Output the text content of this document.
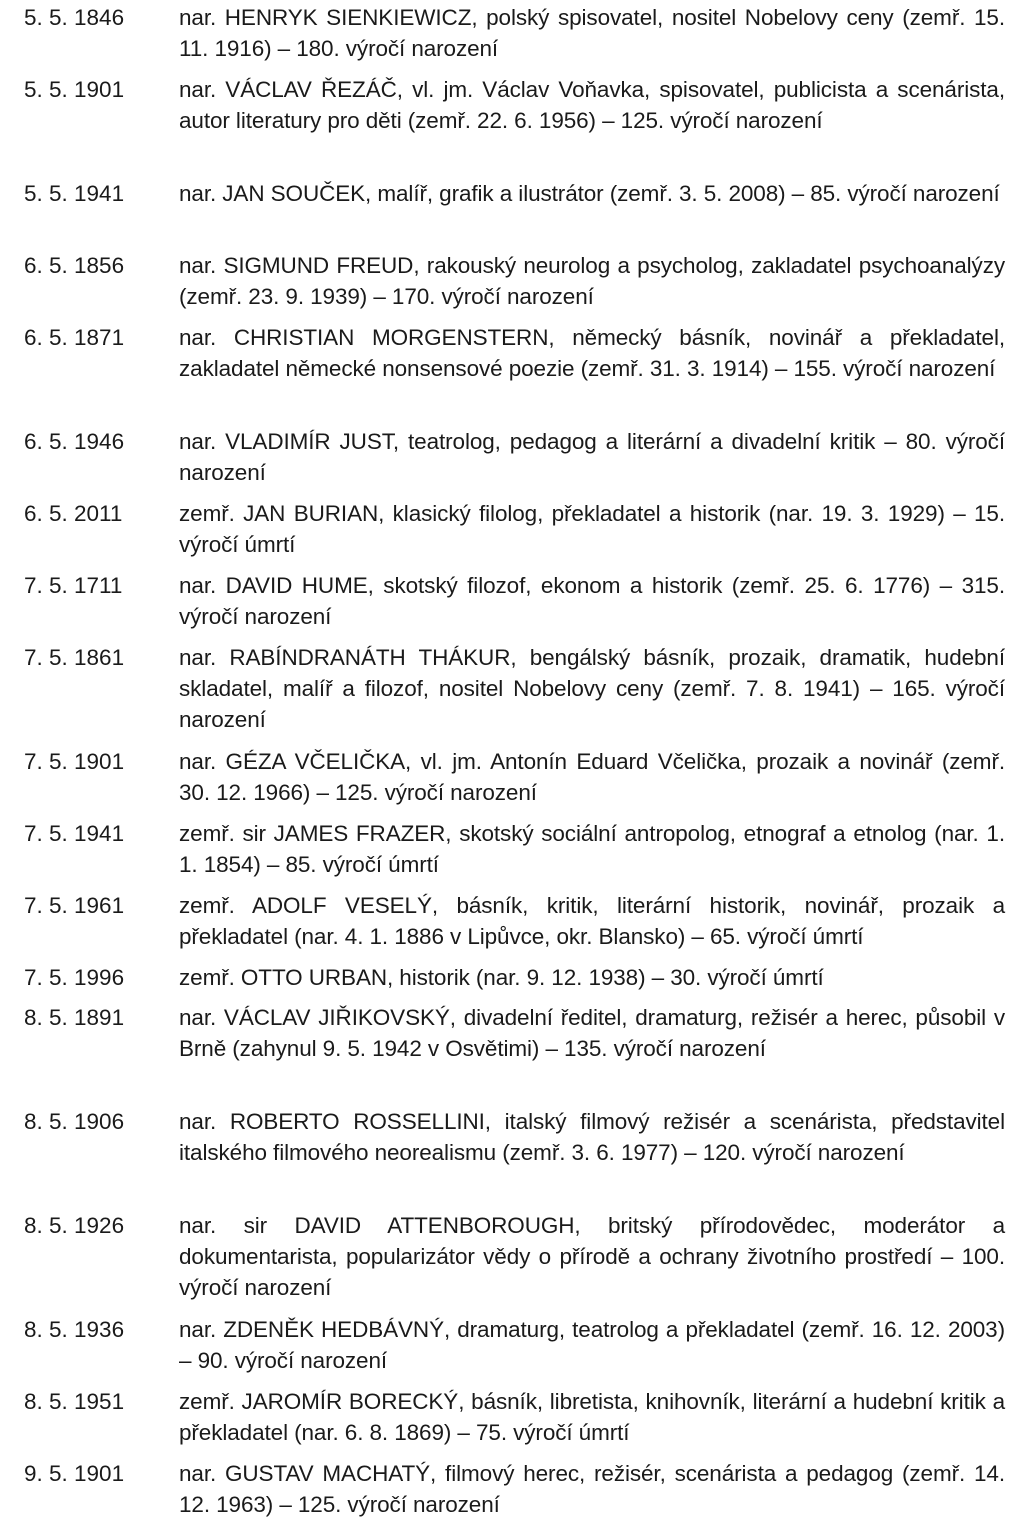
5. 5. 1846	nar. HENRYK SIENKIEWICZ, polský spisovatel, nositel Nobelovy ceny (zemř. 15. 11. 1916) – 180. výročí narození
5. 5. 1901	nar. VÁCLAV ŘEZÁČ, vl. jm. Václav Voňavka, spisovatel, publicista a scenárista, autor literatury pro děti (zemř. 22. 6. 1956) – 125. výročí narození
5. 5. 1941	nar. JAN SOUČEK, malíř, grafik a ilustrátor (zemř. 3. 5. 2008) – 85. výročí narození
6. 5. 1856	nar. SIGMUND FREUD, rakouský neurolog a psycholog, zakladatel psychoanalýzy (zemř. 23. 9. 1939) – 170. výročí narození
6. 5. 1871	nar. CHRISTIAN MORGENSTERN, německý básník, novinář a překladatel, zakladatel německé nonsensové poezie (zemř. 31. 3. 1914) – 155. výročí narození
6. 5. 1946	nar. VLADIMÍR JUST, teatrolog, pedagog a literární a divadelní kritik – 80. výročí narození
6. 5. 2011	zemř. JAN BURIAN, klasický filolog, překladatel a historik (nar. 19. 3. 1929) – 15. výročí úmrtí
7. 5. 1711	nar. DAVID HUME, skotský filozof, ekonom a historik (zemř. 25. 6. 1776) – 315. výročí narození
7. 5. 1861	nar. RABÍNDRANÁTH THÁKUR, bengálský básník, prozaik, dramatik, hudební skladatel, malíř a filozof, nositel Nobelovy ceny (zemř. 7. 8. 1941) – 165. výročí narození
7. 5. 1901	nar. GÉZA VČELIČKA, vl. jm. Antonín Eduard Včelička, prozaik a novinář (zemř. 30. 12. 1966) – 125. výročí narození
7. 5. 1941	zemř. sir JAMES FRAZER, skotský sociální antropolog, etnograf a etnolog (nar. 1. 1. 1854) – 85. výročí úmrtí
7. 5. 1961	zemř. ADOLF VESELÝ, básník, kritik, literární historik, novinář, prozaik a překladatel (nar. 4. 1. 1886 v Lipůvce, okr. Blansko) – 65. výročí úmrtí
7. 5. 1996	zemř. OTTO URBAN, historik (nar. 9. 12. 1938) – 30. výročí úmrtí
8. 5. 1891	nar. VÁCLAV JIŘIKOVSKÝ, divadelní ředitel, dramaturg, režisér a herec, působil v Brně (zahynul 9. 5. 1942 v Osvětimi) – 135. výročí narození
8. 5. 1906	nar. ROBERTO ROSSELLINI, italský filmový režisér a scenárista, představitel italského filmového neorealismu (zemř. 3. 6. 1977) – 120. výročí narození
8. 5. 1926	nar. sir DAVID ATTENBOROUGH, britský přírodovědec, moderátor a dokumentarista, popularizátor vědy o přírodě a ochrany životního prostředí – 100. výročí narození
8. 5. 1936	nar. ZDENĚK HEDBÁVNÝ, dramaturg, teatrolog a překladatel (zemř. 16. 12. 2003) – 90. výročí narození
8. 5. 1951	zemř. JAROMÍR BORECKÝ, básník, libretista, knihovník, literární a hudební kritik a překladatel (nar. 6. 8. 1869) – 75. výročí úmrtí
9. 5. 1901	nar. GUSTAV MACHATÝ, filmový herec, režisér, scenárista a pedagog (zemř. 14. 12. 1963) – 125. výročí narození
